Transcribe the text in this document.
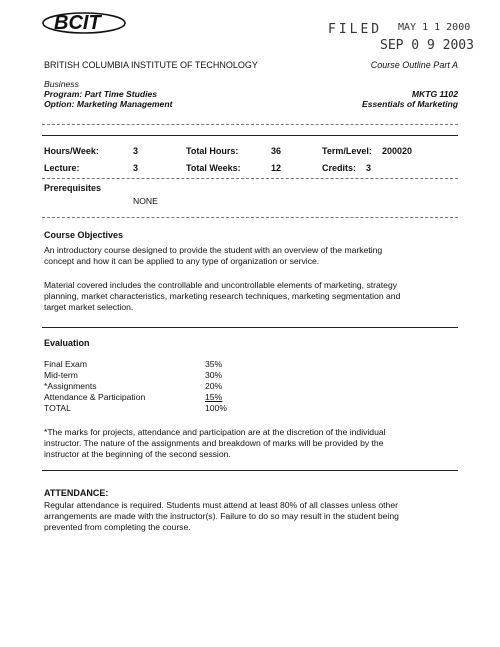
BCIT	FILED MAY 1 1 2000
SEP 0 9 2003
BRITISH COLUMBIA INSTITUTE OF TECHNOLOGY	Course Outline Part A
Business
Program: Part Time Studies
Option: Marketing Management
MKTG 1102
Essentials of Marketing
Hours/Week:	3	Total Hours:	36	Term/Level: 200020
Lecture:	3	Total Weeks:	12	Credits: 3
Prerequisites
NONE
Course Objectives
An introductory course designed to provide the student with an overview of the marketing
concept and how it can be applied to any type of organization or service.
Material covered includes the controllable and uncontrollable elements of marketing, strategy
planning, market characteristics, marketing research techniques, marketing segmentation and
target market selection.
Evaluation
Final Exam	35%
Mid-term	30%
*Assignments	20%
Attendance & Participation	15%
TOTAL	100%
*The marks for projects, attendance and participation are at the discretion of the individual
instructor. The nature of the assignments and breakdown of marks will be provided by the
instructor at the beginning of the second session.
ATTENDANCE:
Regular attendance is required. Students must attend at least 80% of all classes unless other
arrangements are made with the instructor(s). Failure to do so may result in the student being
prevented from completing the course.
